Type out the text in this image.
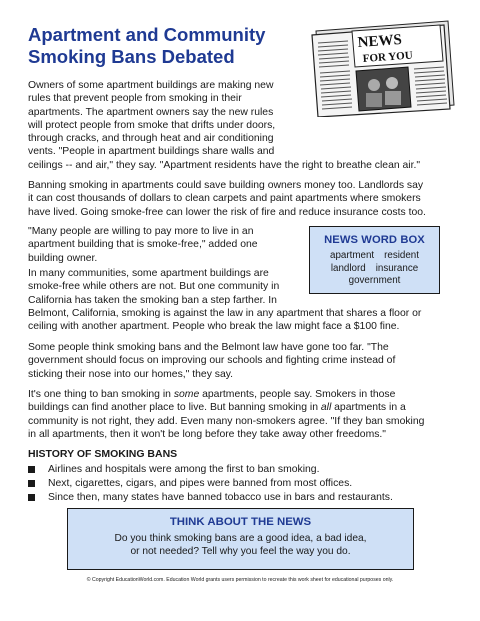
Apartment and Community
Smoking Bans Debated
NEWS
FOR YOU

Owners of some apartment buildings are making new
rules that prevent people from smoking in their
apartments. The apartment owners say the new rules
will protect people from smoke that drifts under doors,
through cracks, and through heat and air conditioning
vents. "People in apartment buildings share walls and
ceilings -- and air," they say. "Apartment residents have the right to breathe clean air."

Banning smoking in apartments could save building owners money too. Landlords say
it can cost thousands of dollars to clean carpets and paint apartments where smokers
have lived. Going smoke-free can lower the risk of fire and reduce insurance costs too.

"Many people are willing to pay more to live in an
apartment building that is smoke-free," added one
building owner.

NEWS WORD BOX
apartment resident
landlord insurance
government

In many communities, some apartment buildings are
smoke-free while others are not. But one community in
California has taken the smoking ban a step farther. In
Belmont, California, smoking is against the law in any apartment that shares a floor or
ceiling with another apartment. People who break the law might face a $100 fine.

Some people think smoking bans and the Belmont law have gone too far. "The
government should focus on improving our schools and fighting crime instead of
sticking their nose into our homes," they say.

It's one thing to ban smoking in some apartments, people say. Smokers in those
buildings can find another place to live. But banning smoking in all apartments in a
community is not right, they add. Even many non-smokers agree. "If they ban smoking
in all apartments, then it won't be long before they take away other freedoms."

HISTORY OF SMOKING BANS
Airlines and hospitals were among the first to ban smoking.
Next, cigarettes, cigars, and pipes were banned from most offices.
Since then, many states have banned tobacco use in bars and restaurants.
THINK ABOUT THE NEWS
Do you think smoking bans are a good idea, a bad idea,
or not needed? Tell why you feel the way you do.
© Copyright EducationWorld.com. Education World grants users permission to recreate this work sheet for educational purposes only.
